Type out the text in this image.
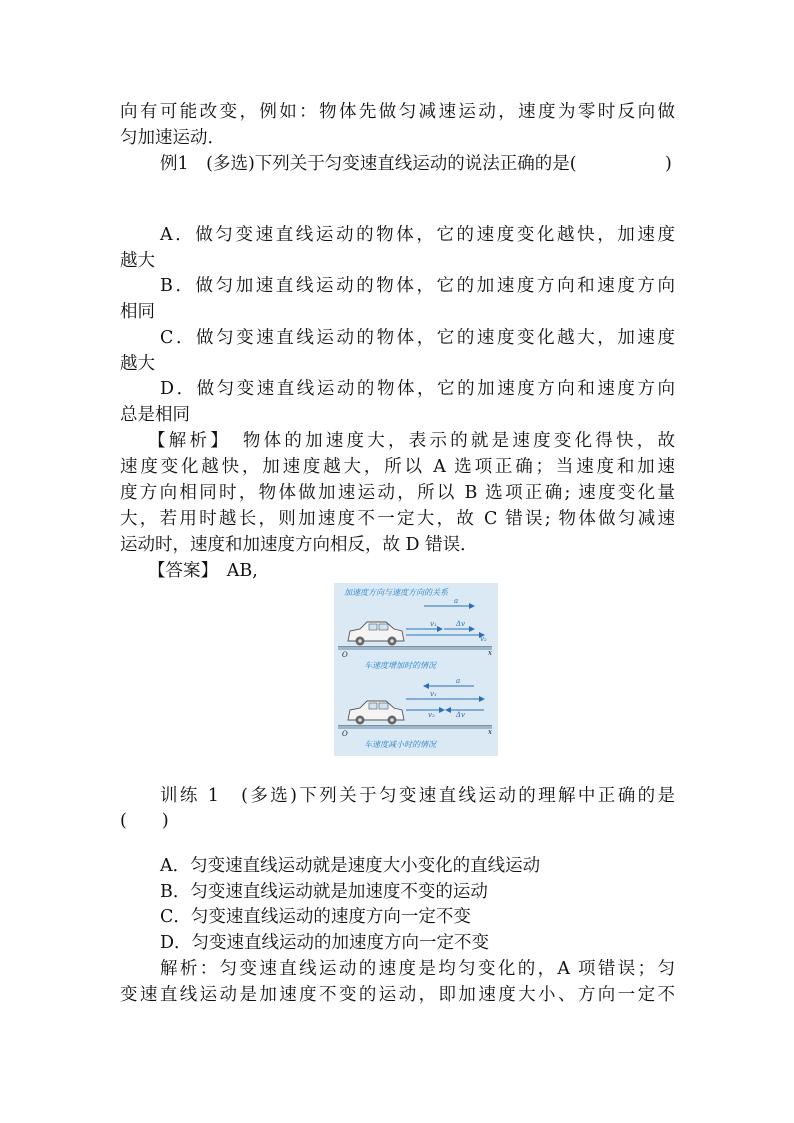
向有可能改变，例如：物体先做匀减速运动，速度为零时反向做
匀加速运动．
例1　(多选)下列关于匀变速直线运动的说法正确的是(	)
A．做匀变速直线运动的物体，它的速度变化越快，加速度
越大
B．做匀加速直线运动的物体，它的加速度方向和速度方向
相同
C．做匀变速直线运动的物体，它的速度变化越大，加速度
越大
D．做匀变速直线运动的物体，它的加速度方向和速度方向
总是相同
【解析】　物体的加速度大，表示的就是速度变化得快，故
速度变化越快，加速度越大，所以 A 选项正确；当速度和加速
度方向相同时，物体做加速运动，所以 B 选项正确; 速度变化量
大，若用时越长，则加速度不一定大，故 C 错误; 物体做匀减速
运动时，速度和加速度方向相反，故 D 错误．
【答案】　AB,
加速度方向与速度方向的关系
O	x
a
v₁	Δv
v₂
车速度增加时的情况
O	x
a
v₁
v₂	Δv
车速度减小时的情况
训练 1　(多选)下列关于匀变速直线运动的理解中正确的是
(　　)
A．匀变速直线运动就是速度大小变化的直线运动
B．匀变速直线运动就是加速度不变的运动
C．匀变速直线运动的速度方向一定不变
D．匀变速直线运动的加速度方向一定不变
解析：匀变速直线运动的速度是均匀变化的，A 项错误；匀
变速直线运动是加速度不变的运动，即加速度大小、方向一定不
